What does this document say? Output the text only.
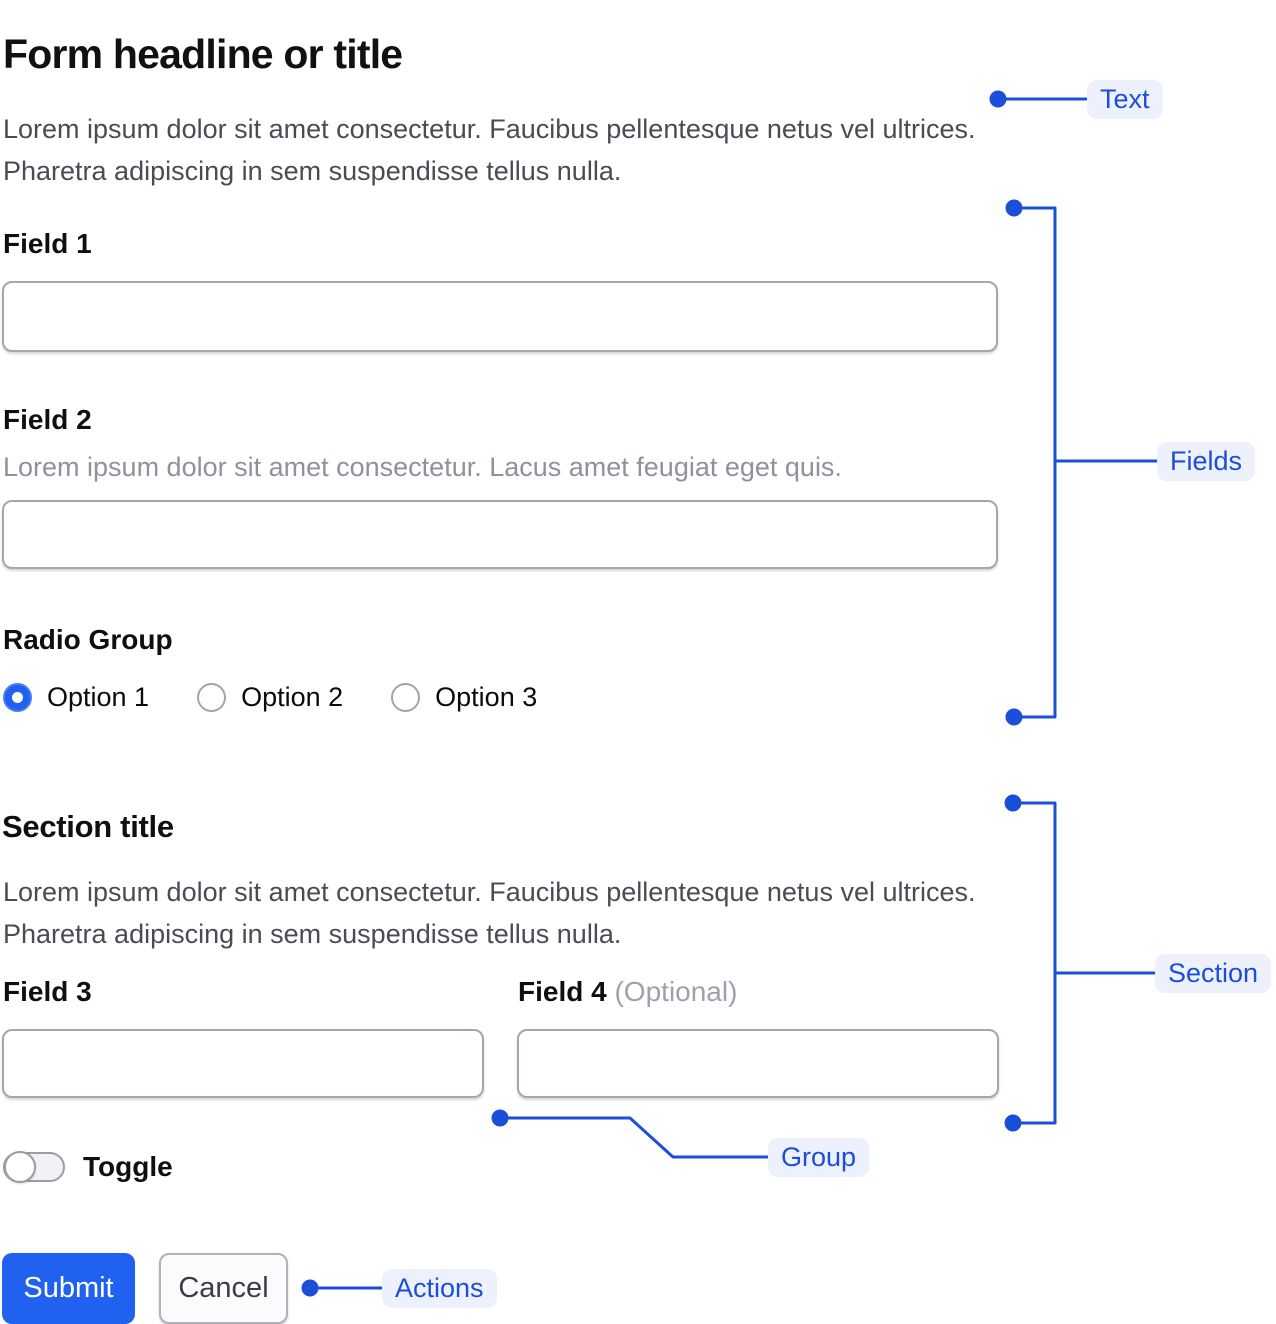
Form headline or title

Lorem ipsum dolor sit amet consectetur. Faucibus pellentesque netus vel ultrices. Pharetra adipiscing in sem suspendisse tellus nulla.

Field 1
Field 2
Lorem ipsum dolor sit amet consectetur. Lacus amet feugiat eget quis.
Radio Group
Option 1	Option 2	Option 3
Section title

Lorem ipsum dolor sit amet consectetur. Faucibus pellentesque netus vel ultrices. Pharetra adipiscing in sem suspendisse tellus nulla.

Field 3	Field 4 (Optional)
Toggle
Submit	Cancel
Text
Fields
Section
Group
Actions
